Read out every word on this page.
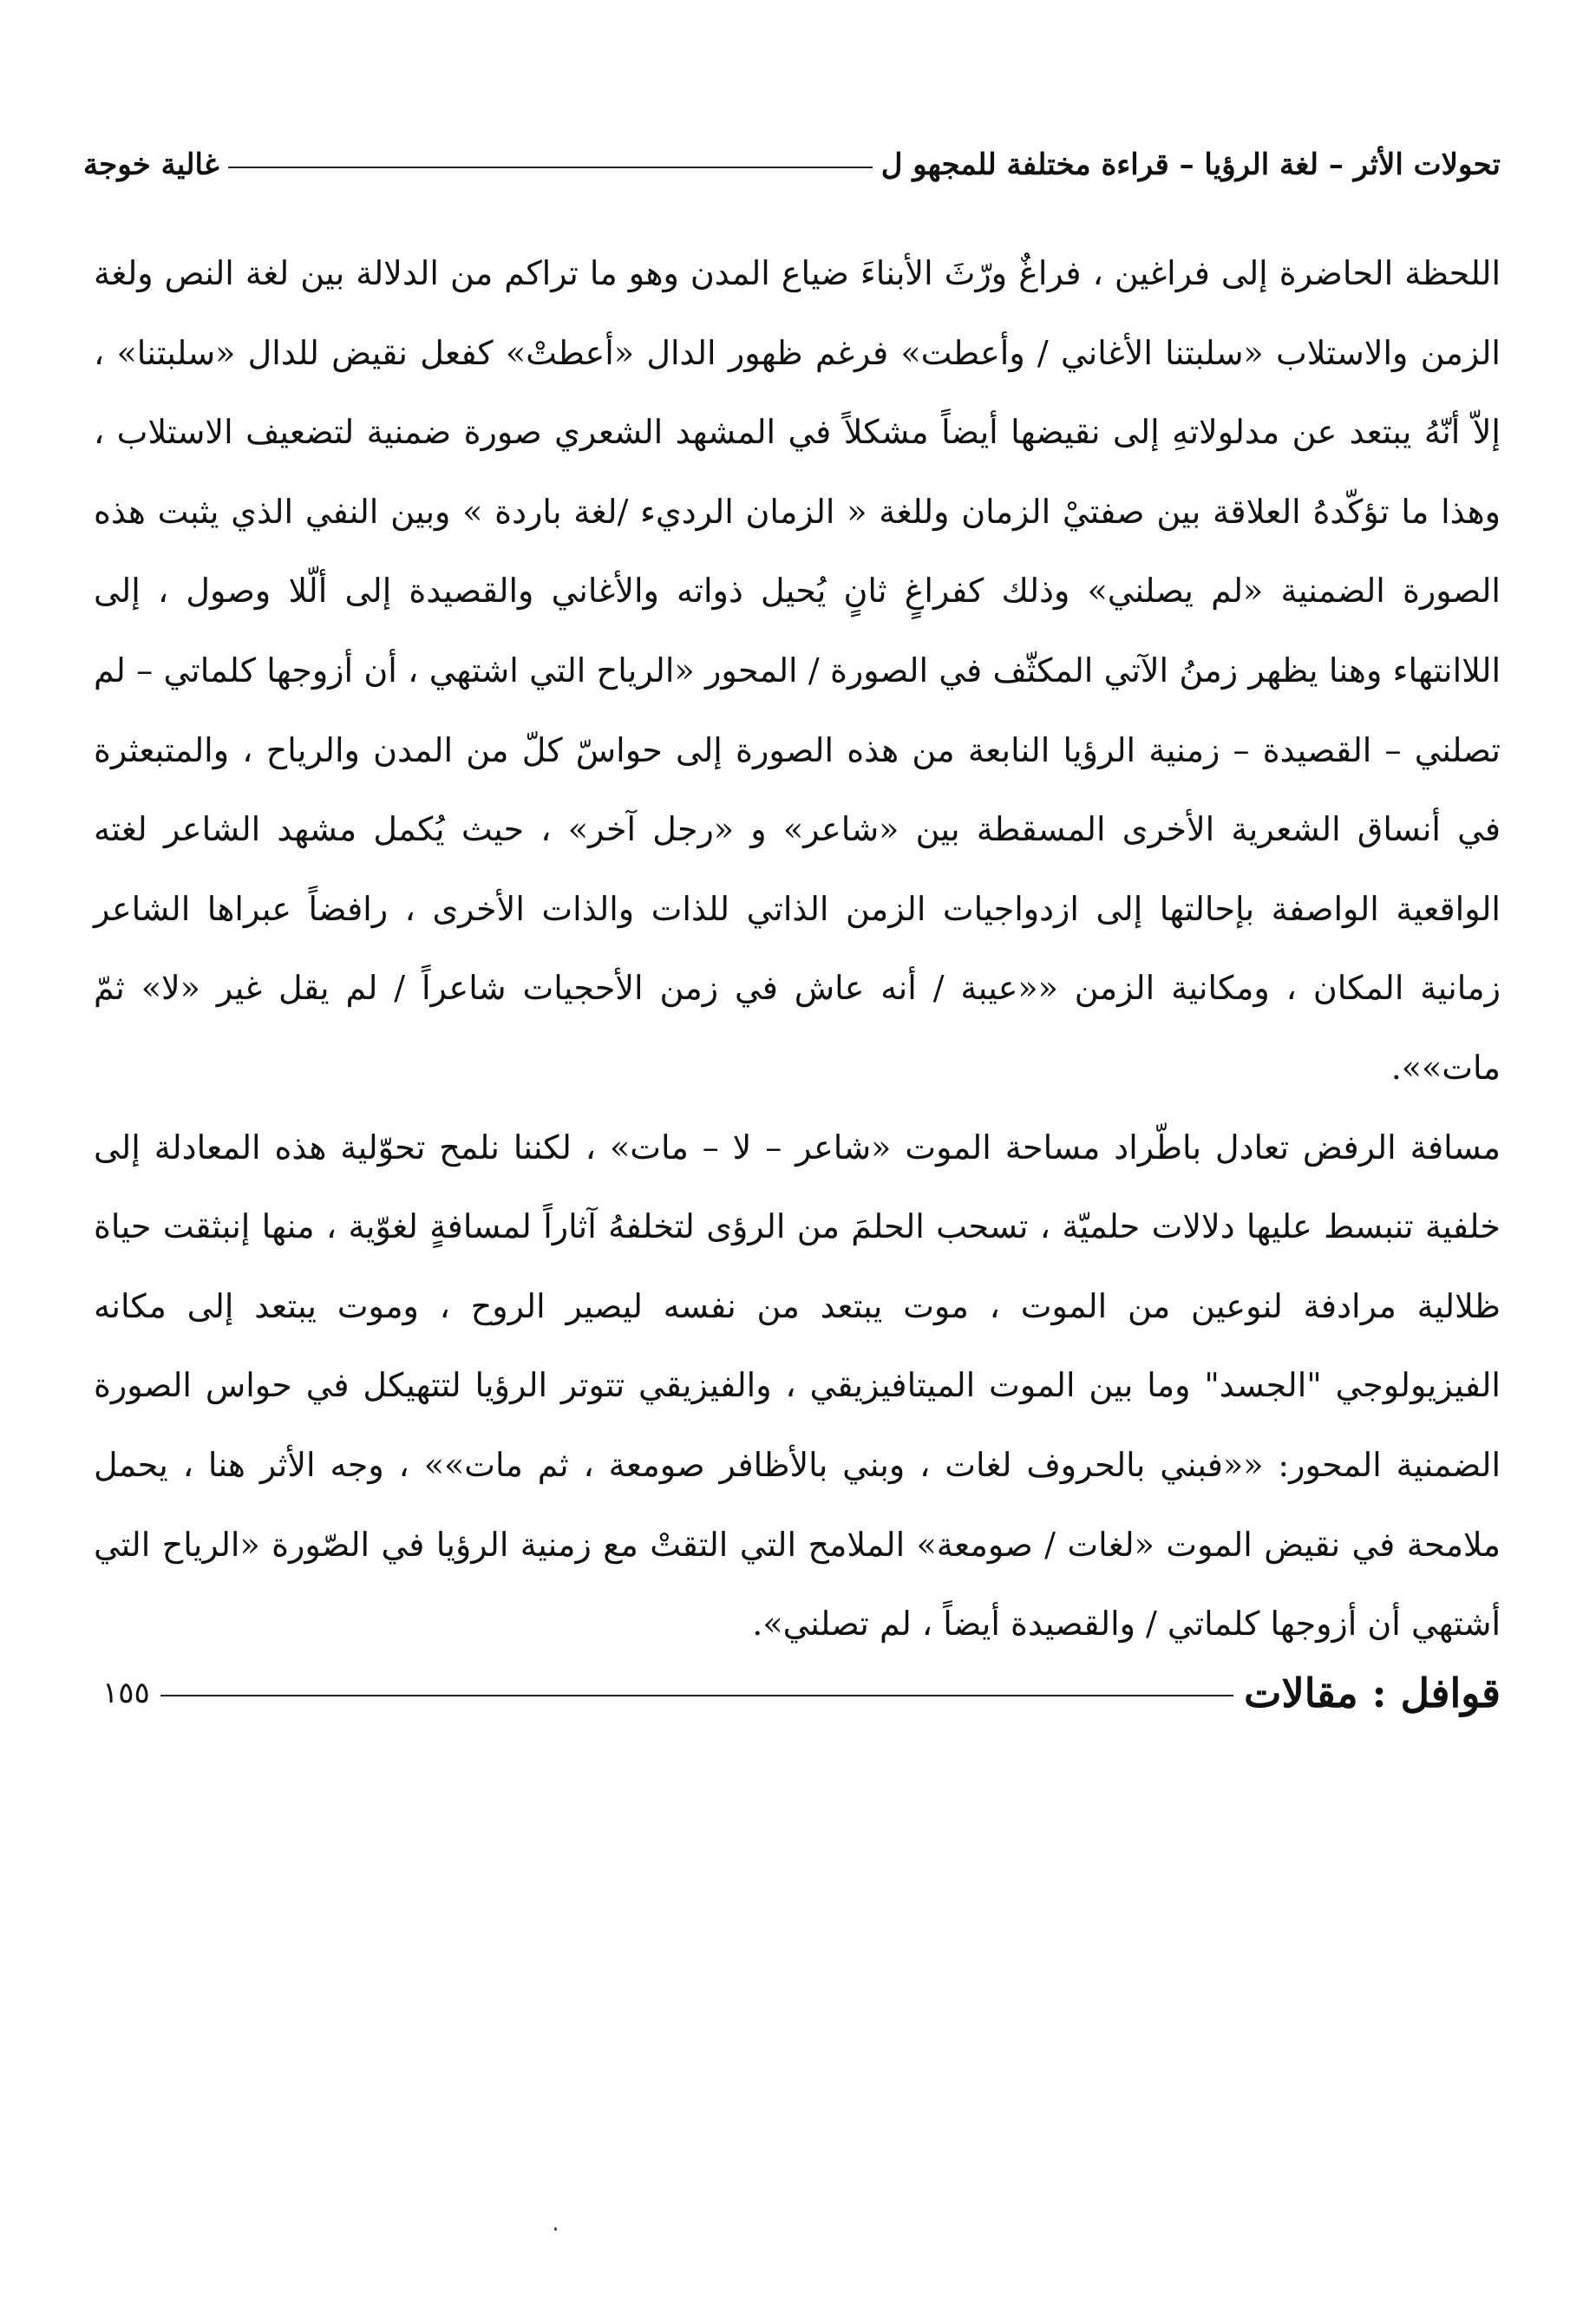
تحولات الأثر – لغة الرؤيا – قراءة مختلفة للمجهو ل
غالية خوجة

اللحظة الحاضرة إلى فراغين ، فراغٌ ورّثَ الأبناءَ ضياع المدن وهو ما تراكم من الدلالة بين لغة النص ولغة الزمن والاستلاب «سلبتنا الأغاني / وأعطت» فرغم ظهور الدال «أعطتْ» كفعل نقيض للدال «سلبتنا» ، إلاّ أنّهُ يبتعد عن مدلولاتهِ إلى نقيضها أيضاً مشكلاً في المشهد الشعري صورة ضمنية لتضعيف الاستلاب ، وهذا ما تؤكّدهُ العلاقة بين صفتيْ الزمان وللغة « الزمان الرديء /لغة باردة » وبين النفي الذي يثبت هذه الصورة الضمنية «لم يصلني» وذلك كفراغٍ ثانٍ يُحيل ذواته والأغاني والقصيدة إلى ألّلا وصول ، إلى اللاانتهاء وهنا يظهر زمنُ الآتي المكثّف في الصورة / المحور «الرياح التي اشتهي ، أن أزوجها كلماتي – لم تصلني – القصيدة – زمنية الرؤيا النابعة من هذه الصورة إلى حواسّ كلّ من المدن والرياح ، والمتبعثرة في أنساق الشعرية الأخرى المسقطة بين «شاعر» و «رجل آخر» ، حيث يُكمل مشهد الشاعر لغته الواقعية الواصفة بإحالتها إلى ازدواجيات الزمن الذاتي للذات والذات الأخرى ، رافضاً عبراها الشاعر زمانية المكان ، ومكانية الزمن ««عيبة / أنه عاش في زمن الأحجيات شاعراً / لم يقل غير «لا» ثمّ مات»».

مسافة الرفض تعادل باطّراد مساحة الموت «شاعر – لا – مات» ، لكننا نلمح تحوّلية هذه المعادلة إلى خلفية تنبسط عليها دلالات حلميّة ، تسحب الحلمَ من الرؤى لتخلفهُ آثاراً لمسافةٍ لغوّية ، منها إنبثقت حياة ظلالية مرادفة لنوعين من الموت ، موت يبتعد من نفسه ليصير الروح ، وموت يبتعد إلى مكانه الفيزيولوجي "الجسد" وما بين الموت الميتافيزيقي ، والفيزيقي تتوتر الرؤيا لتتهيكل في حواس الصورة الضمنية المحور: ««فبني بالحروف لغات ، وبني بالأظافر صومعة ، ثم مات»» ، وجه الأثر هنا ، يحمل ملامحة في نقيض الموت «لغات / صومعة» الملامح التي التقتْ مع زمنية الرؤيا في الصّورة «الرياح التي أشتهي أن أزوجها كلماتي / والقصيدة أيضاً ، لم تصلني».

قوافل : مقالات
١٥٥
